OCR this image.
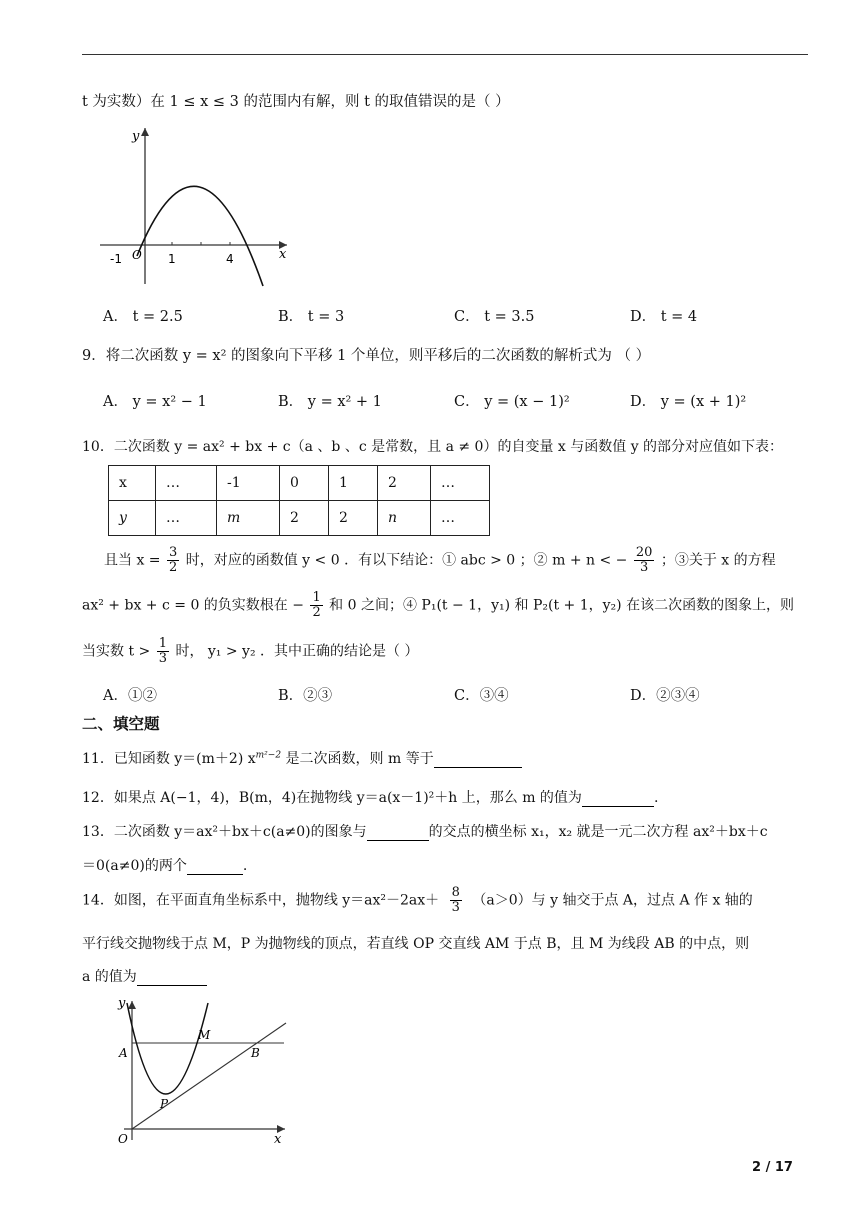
t 为实数）在 1 ≤ x ≤ 3 的范围内有解，则 t 的取值错误的是（ ）
y
x
O
-1	1	4
A． t = 2.5	B． t = 3	C． t = 3.5	D． t = 4
9．将二次函数 y = x² 的图象向下平移 1 个单位，则平移后的二次函数的解析式为 （ ）
A． y = x² − 1	B． y = x² + 1	C． y = (x − 1)²	D． y = (x + 1)²
10．二次函数 y = ax² + bx + c（a 、b 、c 是常数，且 a ≠ 0）的自变量 x 与函数值 y 的部分对应值如下表：
x	…	-1	0	1	2	…
y	…	m	2	2	n	…
且当 $x = \frac{3}{2}$ 时，对应的函数值 y < 0 ．有以下结论：① abc > 0 ；② m + n < − $\frac{20}{3}$ ；③关于 x 的方程
ax² + bx + c = 0 的负实数根在 − $\frac{1}{2}$ 和 0 之间；④ P₁(t − 1，y₁) 和 P₂(t + 1，y₂) 在该二次函数的图象上，则
当实数 $t > \frac{1}{3}$ 时， y₁ > y₂ ．其中正确的结论是（ ）
A．①②	B．②③	C．③④	D．②③④
二、填空题
11．已知函数 y＝(m＋2) $x^{m^2-2}$ 是二次函数，则 m 等于
12．如果点 A(−1，4)，B(m，4)在抛物线 y＝a(x－1)²＋h 上，那么 m 的值为	.
13．二次函数 y＝ax²＋bx＋c(a≠0)的图象与	的交点的横坐标 x₁，x₂ 就是一元二次方程 ax²＋bx＋c
＝0(a≠0)的两个	.
14．如图，在平面直角坐标系中，抛物线 $y=ax^2-2ax+ \frac{8}{3} (a>0)$与 y 轴交于点 A，过点 A 作 x 轴的
平行线交抛物线于点 M，P 为抛物线的顶点，若直线 OP 交直线 AM 于点 B，且 M 为线段 AB 的中点，则
a 的值为
y
x
O
A
M
B
P
2 / 17
